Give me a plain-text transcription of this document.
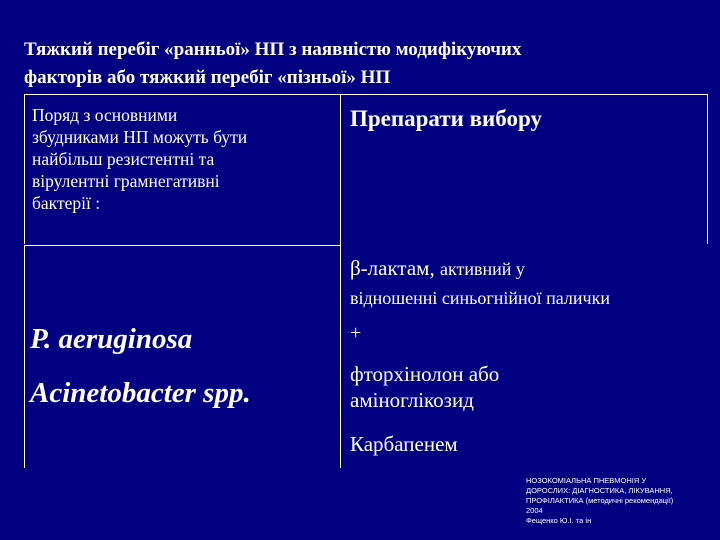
Тяжкий перебіг «ранньої» НП з наявністю модифікуючих
факторів або тяжкий перебіг «пізньої» НП
Поряд з основними
збудниками НП можуть бути
найбільш резистентні та
вірулентні грамнегативні
бактерії :
Препарати вибору
P. aeruginosa
Acinetobacter spp.
β-лактам, активний у
відношенні синьогнійної палички
+
фторхінолон або
аміноглікозид
Карбапенем
НОЗОКОМІАЛЬНА ПНЕВМОНІЯ У
ДОРОСЛИХ: ДІАГНОСТИКА, ЛІКУВАННЯ,
ПРОФІЛАКТИКА (методичні рекомендації)
2004
Фещенко Ю.І. та ін
